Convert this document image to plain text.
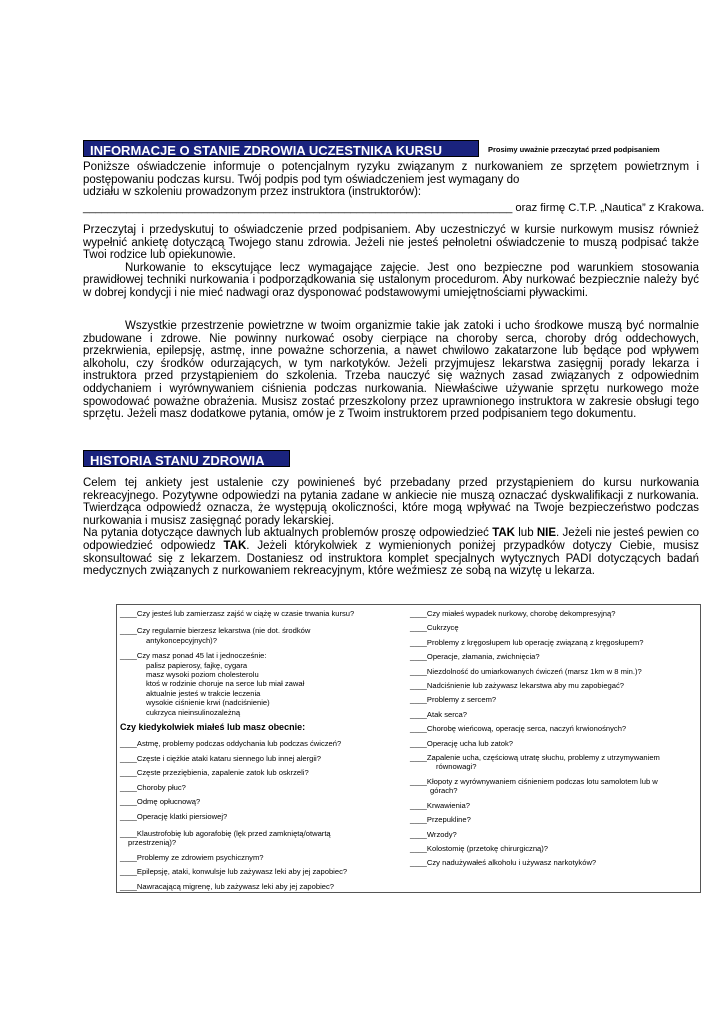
INFORMACJE O STANIE ZDROWIA UCZESTNIKA KURSU	Prosimy uważnie przeczytać przed podpisaniem

Poniższe oświadczenie informuje o potencjalnym ryzyku związanym z nurkowaniem ze sprzętem powietrznym i postępowaniu podczas kursu. Twój podpis pod tym oświadczeniem jest wymagany do

udziału w szkoleniu prowadzonym przez instruktora (instruktorów):

_____________________________________________________________________ oraz firmę C.T.P. „Nautica” z Krakowa.

Przeczytaj i przedyskutuj to oświadczenie przed podpisaniem. Aby uczestniczyć w kursie nurkowym musisz również wypełnić ankietę dotyczącą Twojego stanu zdrowia. Jeżeli nie jesteś pełnoletni oświadczenie to muszą podpisać także Twoi rodzice lub opiekunowie.

Nurkowanie to ekscytujące lecz wymagające zajęcie. Jest ono bezpieczne pod warunkiem stosowania prawidłowej techniki nurkowania i podporządkowania się ustalonym procedurom. Aby nurkować bezpiecznie należy być w dobrej kondycji i nie mieć nadwagi oraz dysponować podstawowymi umiejętnościami pływackimi.

Wszystkie przestrzenie powietrzne w twoim organizmie takie jak zatoki i ucho środkowe muszą być normalnie zbudowane i zdrowe. Nie powinny nurkować osoby cierpiące na choroby serca, choroby dróg oddechowych, przekrwienia, epilepsję, astmę, inne poważne schorzenia, a nawet chwilowo zakatarzone lub będące pod wpływem alkoholu, czy środków odurzających, w tym narkotyków. Jeżeli przyjmujesz lekarstwa zasięgnij porady lekarza i instruktora przed przystąpieniem do szkolenia. Trzeba nauczyć się ważnych zasad związanych z odpowiednim oddychaniem i wyrównywaniem ciśnienia podczas nurkowania. Niewłaściwe używanie sprzętu nurkowego może spowodować poważne obrażenia. Musisz zostać przeszkolony przez uprawnionego instruktora w zakresie obsługi tego sprzętu. Jeżeli masz dodatkowe pytania, omów je z Twoim instruktorem przed podpisaniem tego dokumentu.

HISTORIA STANU ZDROWIA

Celem tej ankiety jest ustalenie czy powinieneś być przebadany przed przystąpieniem do kursu nurkowania rekreacyjnego. Pozytywne odpowiedzi na pytania zadane w ankiecie nie muszą oznaczać dyskwalifikacji z nurkowania. Twierdząca odpowiedź oznacza, że występują okoliczności, które mogą wpływać na Twoje bezpieczeństwo podczas nurkowania i musisz zasięgnąć porady lekarskiej.

Na pytania dotyczące dawnych lub aktualnych problemów proszę odpowiedzieć TAK lub NIE. Jeżeli nie jesteś pewien co odpowiedzieć odpowiedz TAK. Jeżeli którykolwiek z wymienionych poniżej przypadków dotyczy Ciebie, musisz skonsultować się z lekarzem. Dostaniesz od instruktora komplet specjalnych wytycznych PADI dotyczących badań medycznych związanych z nurkowaniem rekreacyjnym, które weźmiesz ze sobą na wizytę u lekarza.

____Czy jesteś lub zamierzasz zajść w ciążę w czasie trwania kursu?
____Czy regularnie bierzesz lekarstwa (nie dot. środków
antykoncepcyjnych)?
____Czy masz ponad 45 lat i jednocześnie:
palisz papierosy, fajkę, cygara
masz wysoki poziom cholesterolu
ktoś w rodzinie choruje na serce lub miał zawał
aktualnie jesteś w trakcie leczenia
wysokie ciśnienie krwi (nadciśnienie)
cukrzyca nieinsulinozależną
Czy kiedykolwiek miałeś lub masz obecnie:
____Astmę, problemy podczas oddychania lub podczas ćwiczeń?
____Częste i ciężkie ataki kataru siennego lub innej alergii?
____Częste przeziębienia, zapalenie zatok lub oskrzeli?
____Choroby płuc?
____Odmę opłucnową?
____Operację klatki piersiowej?
____Klaustrofobię lub agorafobię (lęk przed zamkniętą/otwartą
przestrzenią)?
____Problemy ze zdrowiem psychicznym?
____Epilepsję, ataki, konwulsje lub zażywasz leki aby jej zapobiec?
____Nawracającą migrenę, lub zażywasz leki aby jej zapobiec?
____Czy miałeś wypadek nurkowy, chorobę dekompresyjną?
____Cukrzycę
____Problemy z kręgosłupem lub operację związaną z kręgosłupem?
____Operacje, złamania, zwichnięcia?
____Niezdolność do umiarkowanych ćwiczeń (marsz 1km w 8 min.)?
____Nadciśnienie lub zażywasz lekarstwa aby mu zapobiegać?
____Problemy z sercem?
____Atak serca?
____Chorobę wieńcową, operację serca, naczyń krwionośnych?
____Operację ucha lub zatok?
____Zapalenie ucha, częściową utratę słuchu, problemy z utrzymywaniem
równowagi?
____Kłopoty z wyrównywaniem ciśnieniem podczas lotu samolotem lub w
górach?
____Krwawienia?
____Przepukline?
____Wrzody?
____Kolostomię (przetokę chirurgiczną)?
____Czy nadużywałeś alkoholu i używasz narkotyków?
